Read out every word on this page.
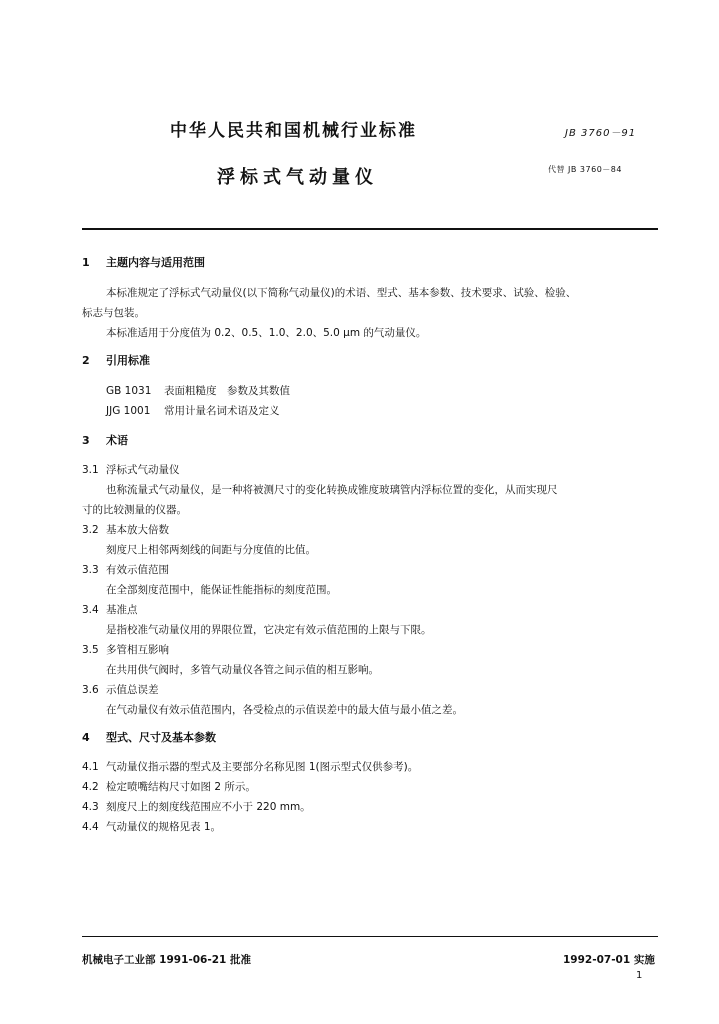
中华人民共和国机械行业标准	JB 3760－91
浮标式气动量仪	代替 JB 3760－84
1 主题内容与适用范围
本标准规定了浮标式气动量仪(以下简称气动量仪)的术语、型式、基本参数、技术要求、试验、检验、
标志与包装。
本标准适用于分度值为 0.2、0.5、1.0、2.0、5.0 μm 的气动量仪。
2 引用标准
GB 1031 表面粗糙度　参数及其数值
JJG 1001 常用计量名词术语及定义
3 术语
3.1 浮标式气动量仪
也称流量式气动量仪，是一种将被测尺寸的变化转换成锥度玻璃管内浮标位置的变化，从而实现尺
寸的比较测量的仪器。
3.2 基本放大倍数
刻度尺上相邻两刻线的间距与分度值的比值。
3.3 有效示值范围
在全部刻度范围中，能保证性能指标的刻度范围。
3.4 基准点
是指校准气动量仪用的界限位置，它决定有效示值范围的上限与下限。
3.5 多管相互影响
在共用供气阀时，多管气动量仪各管之间示值的相互影响。
3.6 示值总误差
在气动量仪有效示值范围内，各受检点的示值误差中的最大值与最小值之差。
4 型式、尺寸及基本参数
4.1 气动量仪指示器的型式及主要部分名称见图 1(图示型式仅供参考)。
4.2 检定喷嘴结构尺寸如图 2 所示。
4.3 刻度尺上的刻度线范围应不小于 220 mm。
4.4 气动量仪的规格见表 1。
机械电子工业部 1991-06-21 批准	1992-07-01 实施
1
